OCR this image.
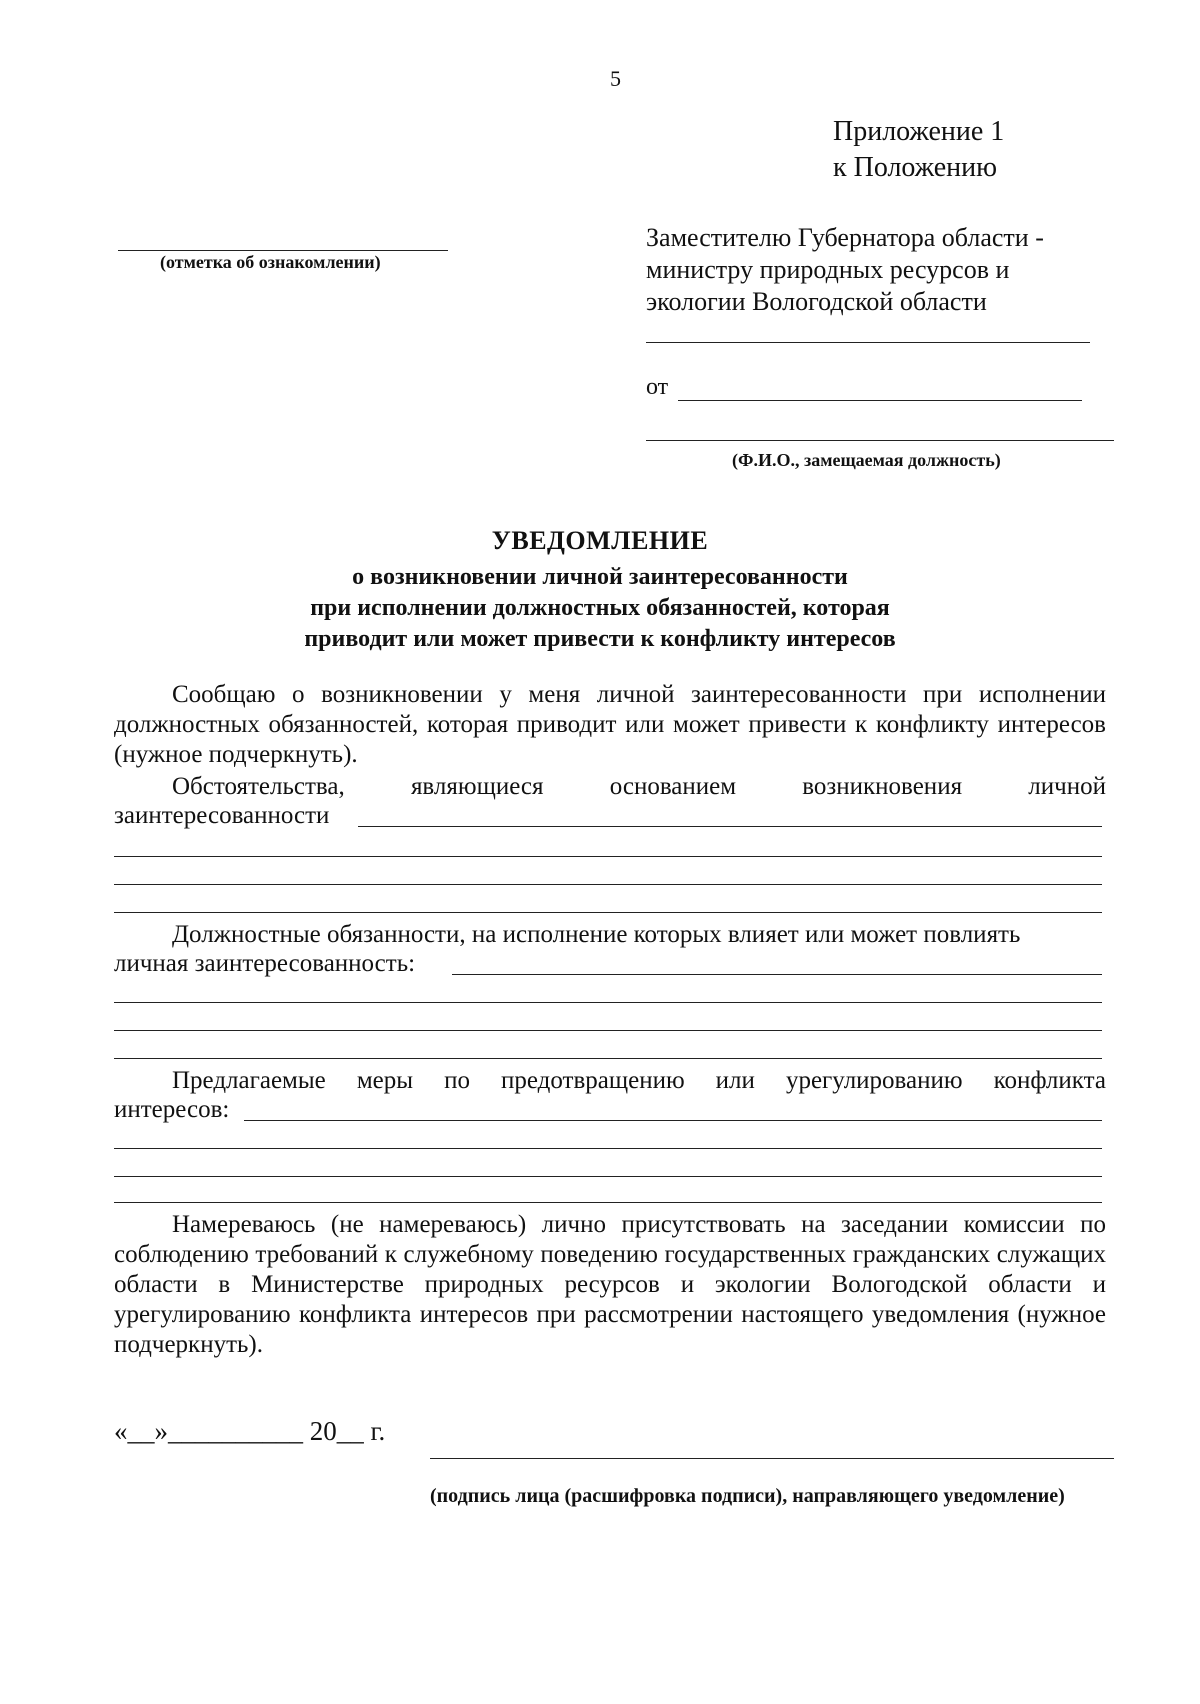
5
Приложение 1
к Положению
(отметка об ознакомлении)
Заместителю Губернатора области -
министру природных ресурсов и
экологии Вологодской области
от
(Ф.И.О., замещаемая должность)
УВЕДОМЛЕНИЕ
о возникновении личной заинтересованности
при исполнении должностных обязанностей, которая
приводит или может привести к конфликту интересов
Сообщаю о возникновении у меня личной заинтересованности при исполнении должностных обязанностей, которая приводит или может привести к конфликту интересов (нужное подчеркнуть).
Обстоятельства,	являющиеся	основанием	возникновения	личной
заинтересованности
Должностные обязанности, на исполнение которых влияет или может повлиять
личная заинтересованность:
Предлагаемые меры по предотвращению или урегулированию конфликта
интересов:
Намереваюсь (не намереваюсь) лично присутствовать на заседании комиссии по соблюдению требований к служебному поведению государственных гражданских служащих области в Министерстве природных ресурсов и экологии Вологодской области и урегулированию конфликта интересов при рассмотрении настоящего уведомления (нужное подчеркнуть).
«__»__________ 20__ г.
(подпись лица (расшифровка подписи), направляющего уведомление)
